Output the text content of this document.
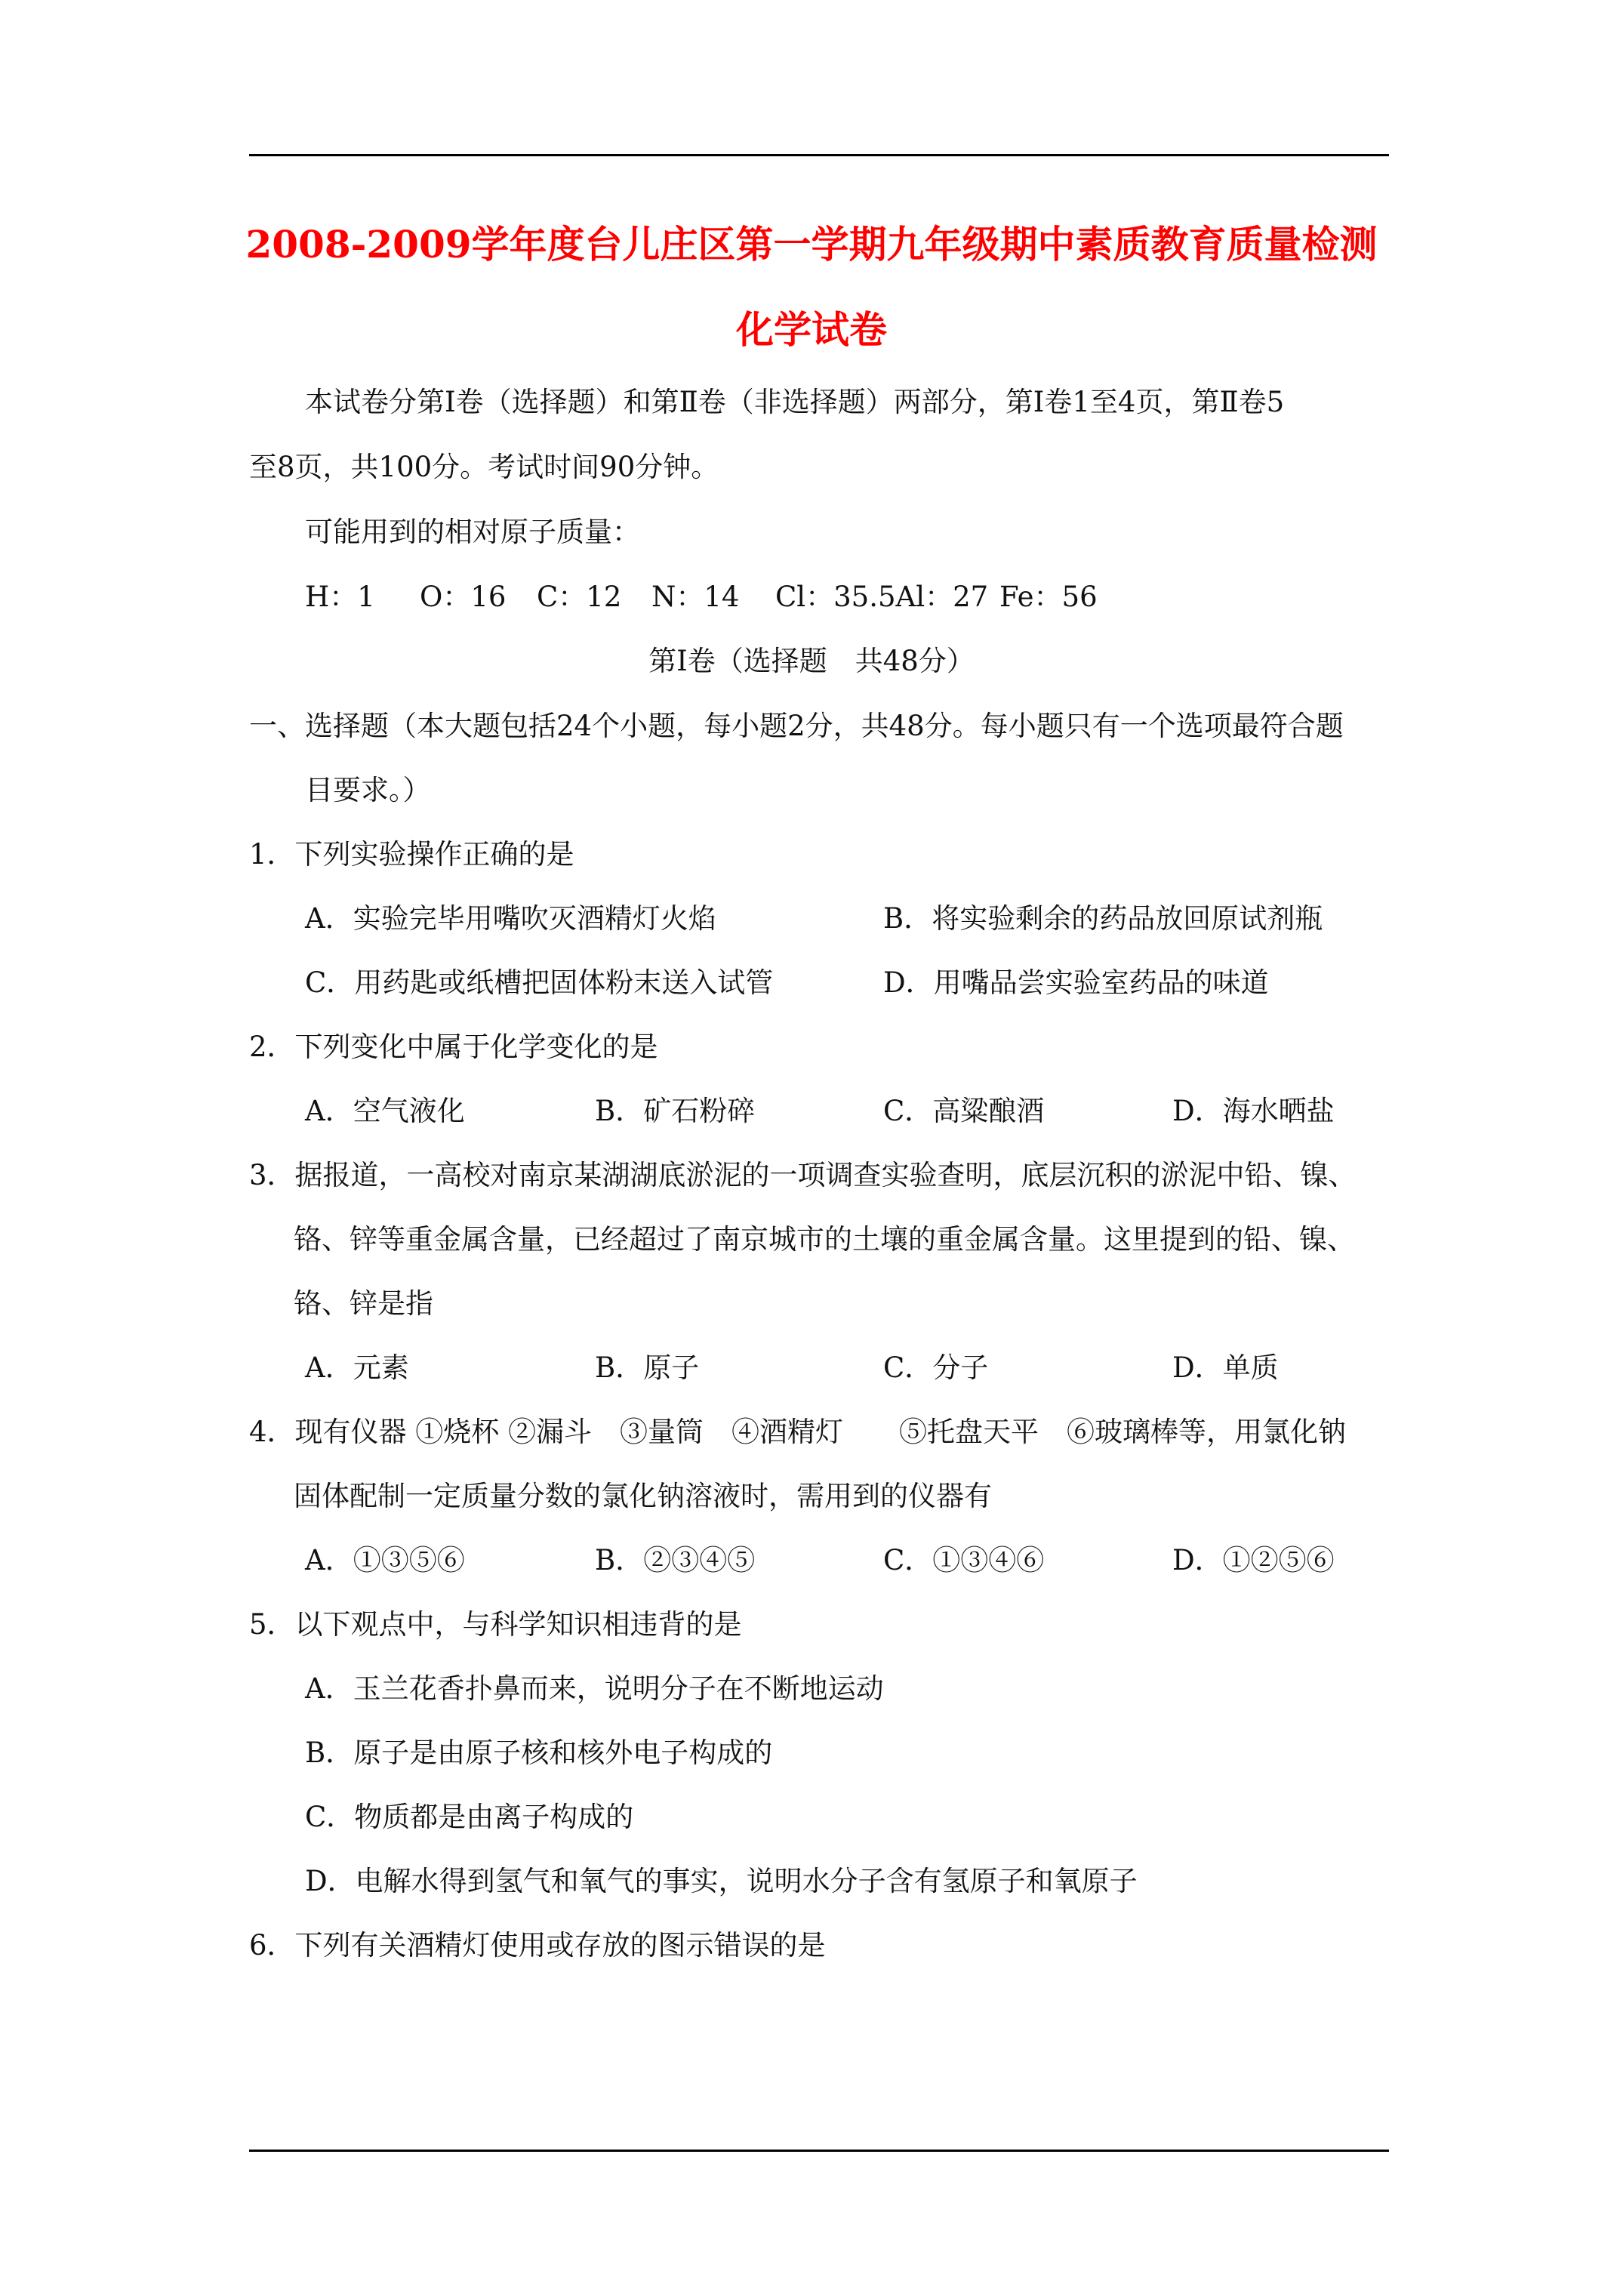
2008-2009学年度台儿庄区第一学期九年级期中素质教育质量检测
化学试卷
本试卷分第Ⅰ卷（选择题）和第Ⅱ卷（非选择题）两部分，第Ⅰ卷1至4页，第Ⅱ卷5
至8页，共100分。考试时间90分钟。
可能用到的相对原子质量：
H：1 O：16 C：12 N：14 Cl：35.5Al：27 Fe：56
第Ⅰ卷（选择题　共48分）
一、选择题（本大题包括24个小题，每小题2分，共48分。每小题只有一个选项最符合题
目要求。）
1．下列实验操作正确的是
A．实验完毕用嘴吹灭酒精灯火焰	B．将实验剩余的药品放回原试剂瓶
C．用药匙或纸槽把固体粉末送入试管	D．用嘴品尝实验室药品的味道
2．下列变化中属于化学变化的是
A．空气液化	B．矿石粉碎	C．高粱酿酒	D．海水晒盐
3．据报道，一高校对南京某湖湖底淤泥的一项调查实验查明，底层沉积的淤泥中铅、镍、
铬、锌等重金属含量，已经超过了南京城市的土壤的重金属含量。这里提到的铅、镍、
铬、锌是指
A．元素	B．原子	C．分子	D．单质
4．现有仪器 ①烧杯 ②漏斗　③量筒　④酒精灯　　⑤托盘天平　⑥玻璃棒等，用氯化钠
固体配制一定质量分数的氯化钠溶液时，需用到的仪器有
A．①③⑤⑥	B．②③④⑤	C．①③④⑥	D．①②⑤⑥
5．以下观点中，与科学知识相违背的是
A．玉兰花香扑鼻而来，说明分子在不断地运动
B．原子是由原子核和核外电子构成的
C．物质都是由离子构成的
D．电解水得到氢气和氧气的事实，说明水分子含有氢原子和氧原子
6．下列有关酒精灯使用或存放的图示错误的是
